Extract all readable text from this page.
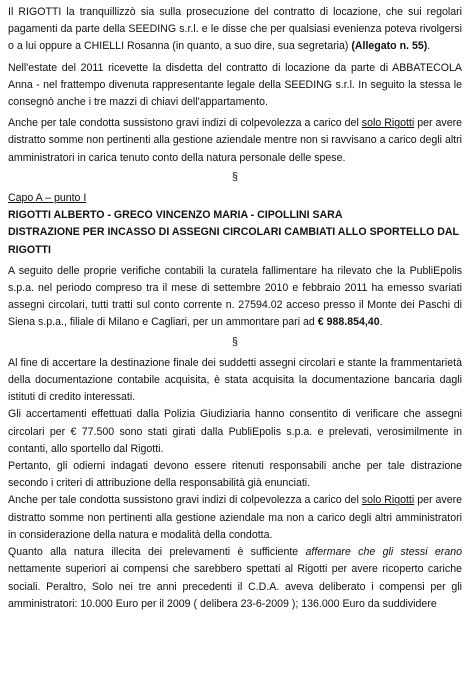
Il RIGOTTI la tranquillizzò sia sulla prosecuzione del contratto di locazione, che sui regolari pagamenti da parte della SEEDING s.r.l. e le disse che per qualsiasi evenienza poteva rivolgersi o a lui oppure a CHIELLI Rosanna (in quanto, a suo dire, sua segretaria) (Allegato n. 55).

Nell'estate del 2011 ricevette la disdetta del contratto di locazione da parte di ABBATECOLA Anna - nel frattempo divenuta rappresentante legale della SEEDING s.r.l. In seguito la stessa le consegnò anche i tre mazzi di chiavi dell'appartamento.

Anche per tale condotta sussistono gravi indizi di colpevolezza a carico del solo Rigotti per avere distratto somme non pertinenti alla gestione aziendale mentre non si ravvisano a carico degli altri amministratori in carica tenuto conto della natura personale delle spese.

§

Capo A – punto I

RIGOTTI ALBERTO - GRECO VINCENZO MARIA - CIPOLLINI SARA

DISTRAZIONE PER INCASSO DI ASSEGNI CIRCOLARI CAMBIATI ALLO SPORTELLO DAL RIGOTTI

A seguito delle proprie verifiche contabili la curatela fallimentare ha rilevato che la PubliEpolis s.p.a. nel periodo compreso tra il mese di settembre 2010 e febbraio 2011 ha emesso svariati assegni circolari, tutti tratti sul conto corrente n. 27594.02 acceso presso il Monte dei Paschi di Siena s.p.a., filiale di Milano e Cagliari, per un ammontare pari ad € 988.854,40.

§

Al fine di accertare la destinazione finale dei suddetti assegni circolari e stante la frammentarietà della documentazione contabile acquisita, è stata acquisita la documentazione bancaria dagli istituti di credito interessati.

Gli accertamenti effettuati dalla Polizia Giudiziaria hanno consentito di verificare che assegni circolari per € 77.500 sono stati girati dalla PubliEpolis s.p.a. e prelevati, verosimilmente in contanti, allo sportello dal Rigotti.

Pertanto, gli odierni indagati devono essere ritenuti responsabili anche per tale distrazione secondo i criteri di attribuzione della responsabilità già enunciati.

Anche per tale condotta sussistono gravi indizi di colpevolezza a carico del solo Rigotti per avere distratto somme non pertinenti alla gestione aziendale ma non a carico degli altri amministratori in considerazione della natura e modalità della condotta.

Quanto alla natura illecita dei prelevamenti è sufficiente affermare che gli stessi erano nettamente superiori ai compensi che sarebbero spettati al Rigotti per avere ricoperto cariche sociali. Peraltro, Solo nei tre anni precedenti il C.D.A. aveva deliberato i compensi per gli amministratori: 10.000 Euro per il 2009 ( delibera 23-6-2009 ); 136.000 Euro da suddividere
